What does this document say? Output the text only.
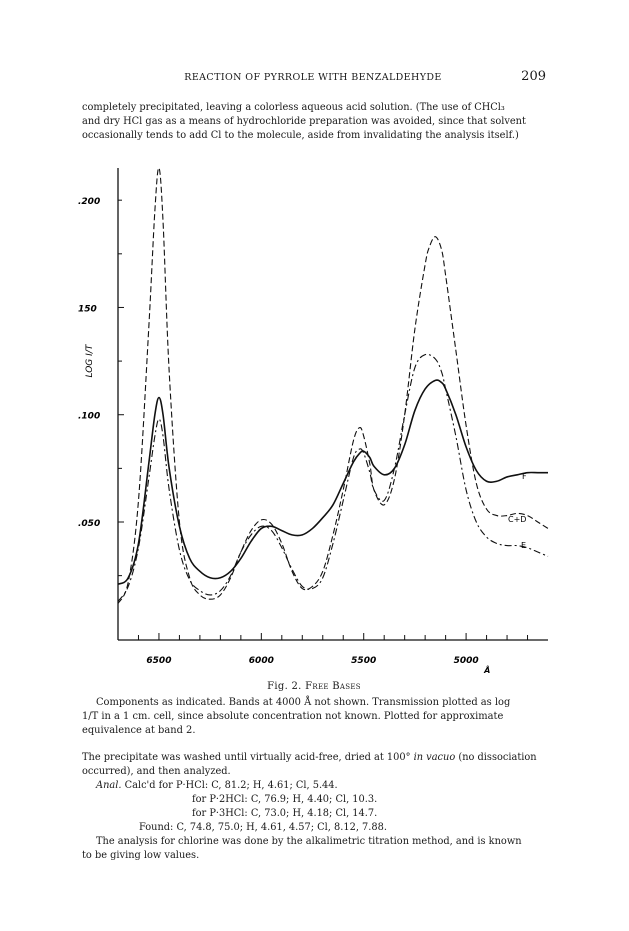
REACTION OF PYRROLE WITH BENZALDEHYDE	209
completely precipitated, leaving a colorless aqueous acid solution. (The use of CHCl₃
and dry HCl gas as a means of hydrochloride preparation was avoided, since that solvent
occasionally tends to add Cl to the molecule, aside from invalidating the analysis itself.)
.200
150
.100
.050
LOG I/T
6500	6000	5500	5000
Å
F
C+D
E
Fig. 2. Free Bases
Components as indicated. Bands at 4000 Å not shown. Transmission plotted as log
1/T in a 1 cm. cell, since absolute concentration not known. Plotted for approximate
equivalence at band 2.
The precipitate was washed until virtually acid-free, dried at 100° in vacuo (no dissociation
occurred), and then analyzed.
Anal. Calc'd for P·HCl: C, 81.2; H, 4.61; Cl, 5.44.
for P·2HCl: C, 76.9; H, 4.40; Cl, 10.3.
for P·3HCl: C, 73.0; H, 4.18; Cl, 14.7.
Found: C, 74.8, 75.0; H, 4.61, 4.57; Cl, 8.12, 7.88.
The analysis for chlorine was done by the alkalimetric titration method, and is known
to be giving low values.
